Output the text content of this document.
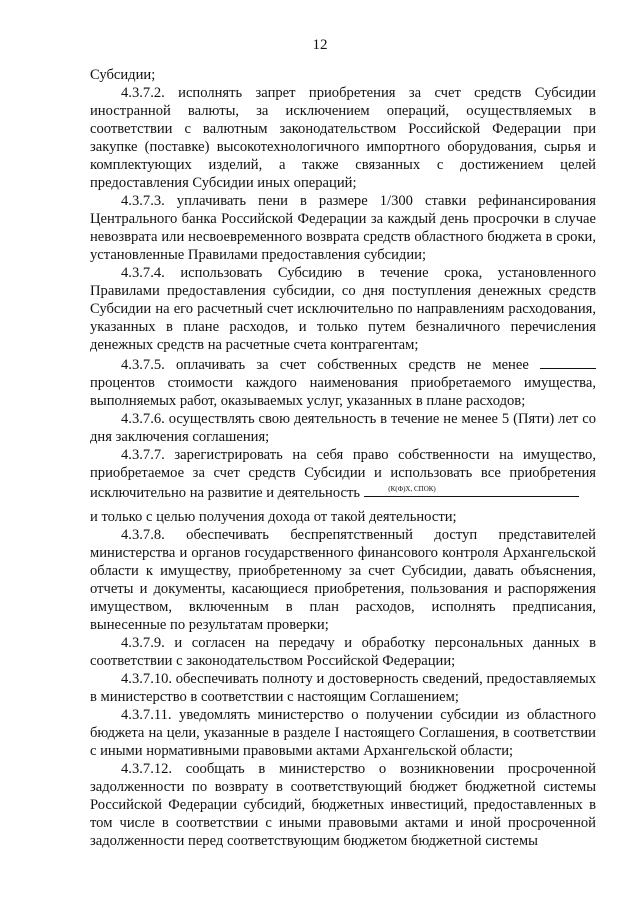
12

Субсидии;

4.3.7.2. исполнять запрет приобретения за счет средств Субсидии иностранной валюты, за исключением операций, осуществляемых в соответствии с валютным законодательством Российской Федерации при закупке (поставке) высокотехнологичного импортного оборудования, сырья и комплектующих изделий, а также связанных с достижением целей предоставления Субсидии иных операций;

4.3.7.3. уплачивать пени в размере 1/300 ставки рефинансирования Центрального банка Российской Федерации за каждый день просрочки в случае невозврата или несвоевременного возврата средств областного бюджета в сроки, установленные Правилами предоставления субсидии;

4.3.7.4. использовать Субсидию в течение срока, установленного Правилами предоставления субсидии, со дня поступления денежных средств Субсидии на его расчетный счет исключительно по направлениям расходования, указанных в плане расходов, и только путем безналичного перечисления денежных средств на расчетные счета контрагентам;

4.3.7.5. оплачивать за счет собственных средств не менее  процентов стоимости каждого наименования приобретаемого имущества, выполняемых работ, оказываемых услуг, указанных в плане расходов;

4.3.7.6. осуществлять свою деятельность в течение не менее 5 (Пяти) лет со дня заключения соглашения;

4.3.7.7. зарегистрировать на себя право собственности на имущество, приобретаемое за счет средств Субсидии и использовать все приобретения исключительно на развитие и деятельность

и только с целью получения дохода от такой деятельности;

4.3.7.8. обеспечивать беспрепятственный доступ представителей министерства и органов государственного финансового контроля Архангельской области к имуществу, приобретенному за счет Субсидии, давать объяснения, отчеты и документы, касающиеся приобретения, пользования и распоряжения имуществом, включенным в план расходов, исполнять предписания, вынесенные по результатам проверки;

4.3.7.9. и согласен на передачу и обработку персональных данных в соответствии с законодательством Российской Федерации;

4.3.7.10. обеспечивать полноту и достоверность сведений, предоставляемых в министерство в соответствии с настоящим Соглашением;

4.3.7.11. уведомлять министерство о получении субсидии из областного бюджета на цели, указанные в разделе I настоящего Соглашения, в соответствии с иными нормативными правовыми актами Архангельской области;

4.3.7.12. сообщать в министерство о возникновении просроченной задолженности по возврату в соответствующий бюджет бюджетной системы Российской Федерации субсидий, бюджетных инвестиций, предоставленных в том числе в соответствии с иными правовыми актами и иной просроченной задолженности перед соответствующим бюджетом бюджетной системы

(К(Ф)Х, СПОК)
